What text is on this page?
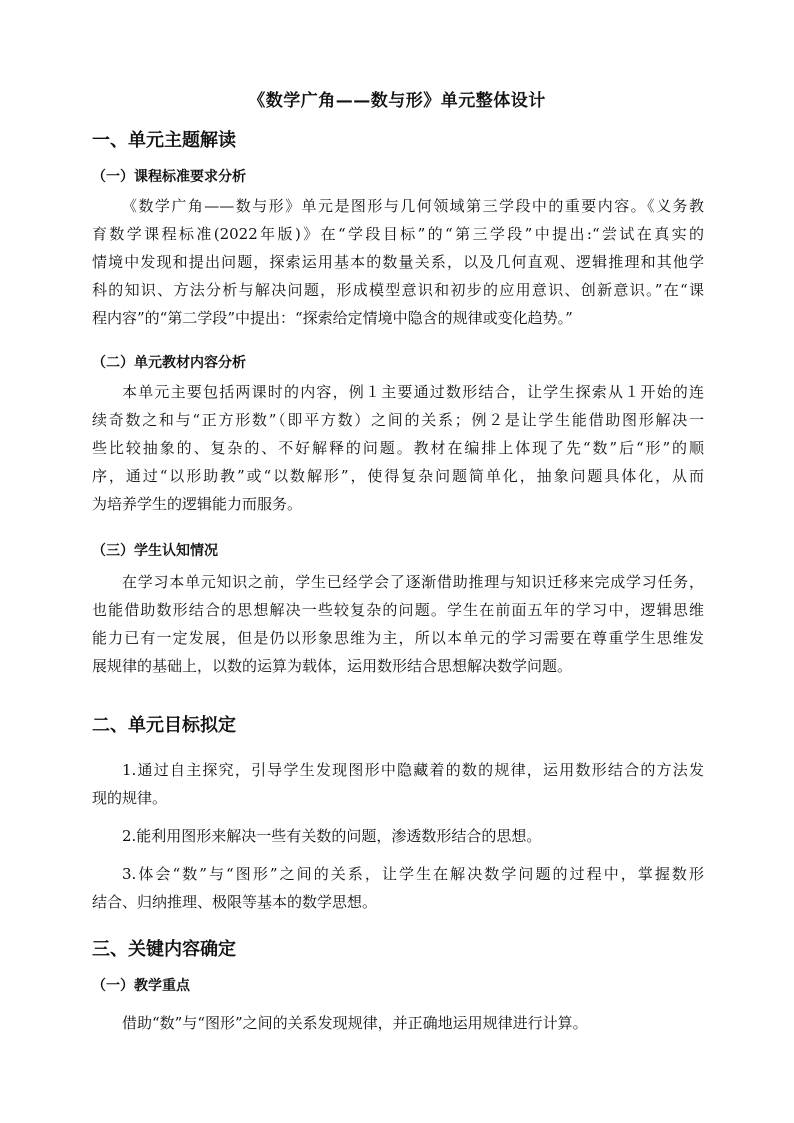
《数学广角——数与形》单元整体设计
一、单元主题解读
（一）课程标准要求分析
《数学广角——数与形》单元是图形与几何领域第三学段中的重要内容。《义务教
育数学课程标准(2022年版)》在“学段目标”的“第三学段”中提出:“尝试在真实的
情境中发现和提出问题，探索运用基本的数量关系，以及几何直观、逻辑推理和其他学
科的知识、方法分析与解决问题，形成模型意识和初步的应用意识、创新意识。”在“课
程内容”的“第二学段”中提出：“探索给定情境中隐含的规律或变化趋势。”
（二）单元教材内容分析
本单元主要包括两课时的内容，例１主要通过数形结合，让学生探索从１开始的连
续奇数之和与“正方形数”（即平方数）之间的关系；例２是让学生能借助图形解决一
些比较抽象的、复杂的、不好解释的问题。教材在编排上体现了先“数”后“形”的顺
序，通过“以形助教”或“以数解形”，使得复杂问题简单化，抽象问题具体化，从而
为培养学生的逻辑能力而服务。
（三）学生认知情况
在学习本单元知识之前，学生已经学会了逐渐借助推理与知识迁移来完成学习任务，
也能借助数形结合的思想解决一些较复杂的问题。学生在前面五年的学习中，逻辑思维
能力已有一定发展，但是仍以形象思维为主，所以本单元的学习需要在尊重学生思维发
展规律的基础上，以数的运算为载体，运用数形结合思想解决数学问题。
二、单元目标拟定
1.通过自主探究，引导学生发现图形中隐藏着的数的规律，运用数形结合的方法发
现的规律。
2.能利用图形来解决一些有关数的问题，渗透数形结合的思想。
3.体会“数”与“图形”之间的关系，让学生在解决数学问题的过程中，掌握数形
结合、归纳推理、极限等基本的数学思想。
三、关键内容确定
（一）教学重点
借助“数”与“图形”之间的关系发现规律，并正确地运用规律进行计算。
